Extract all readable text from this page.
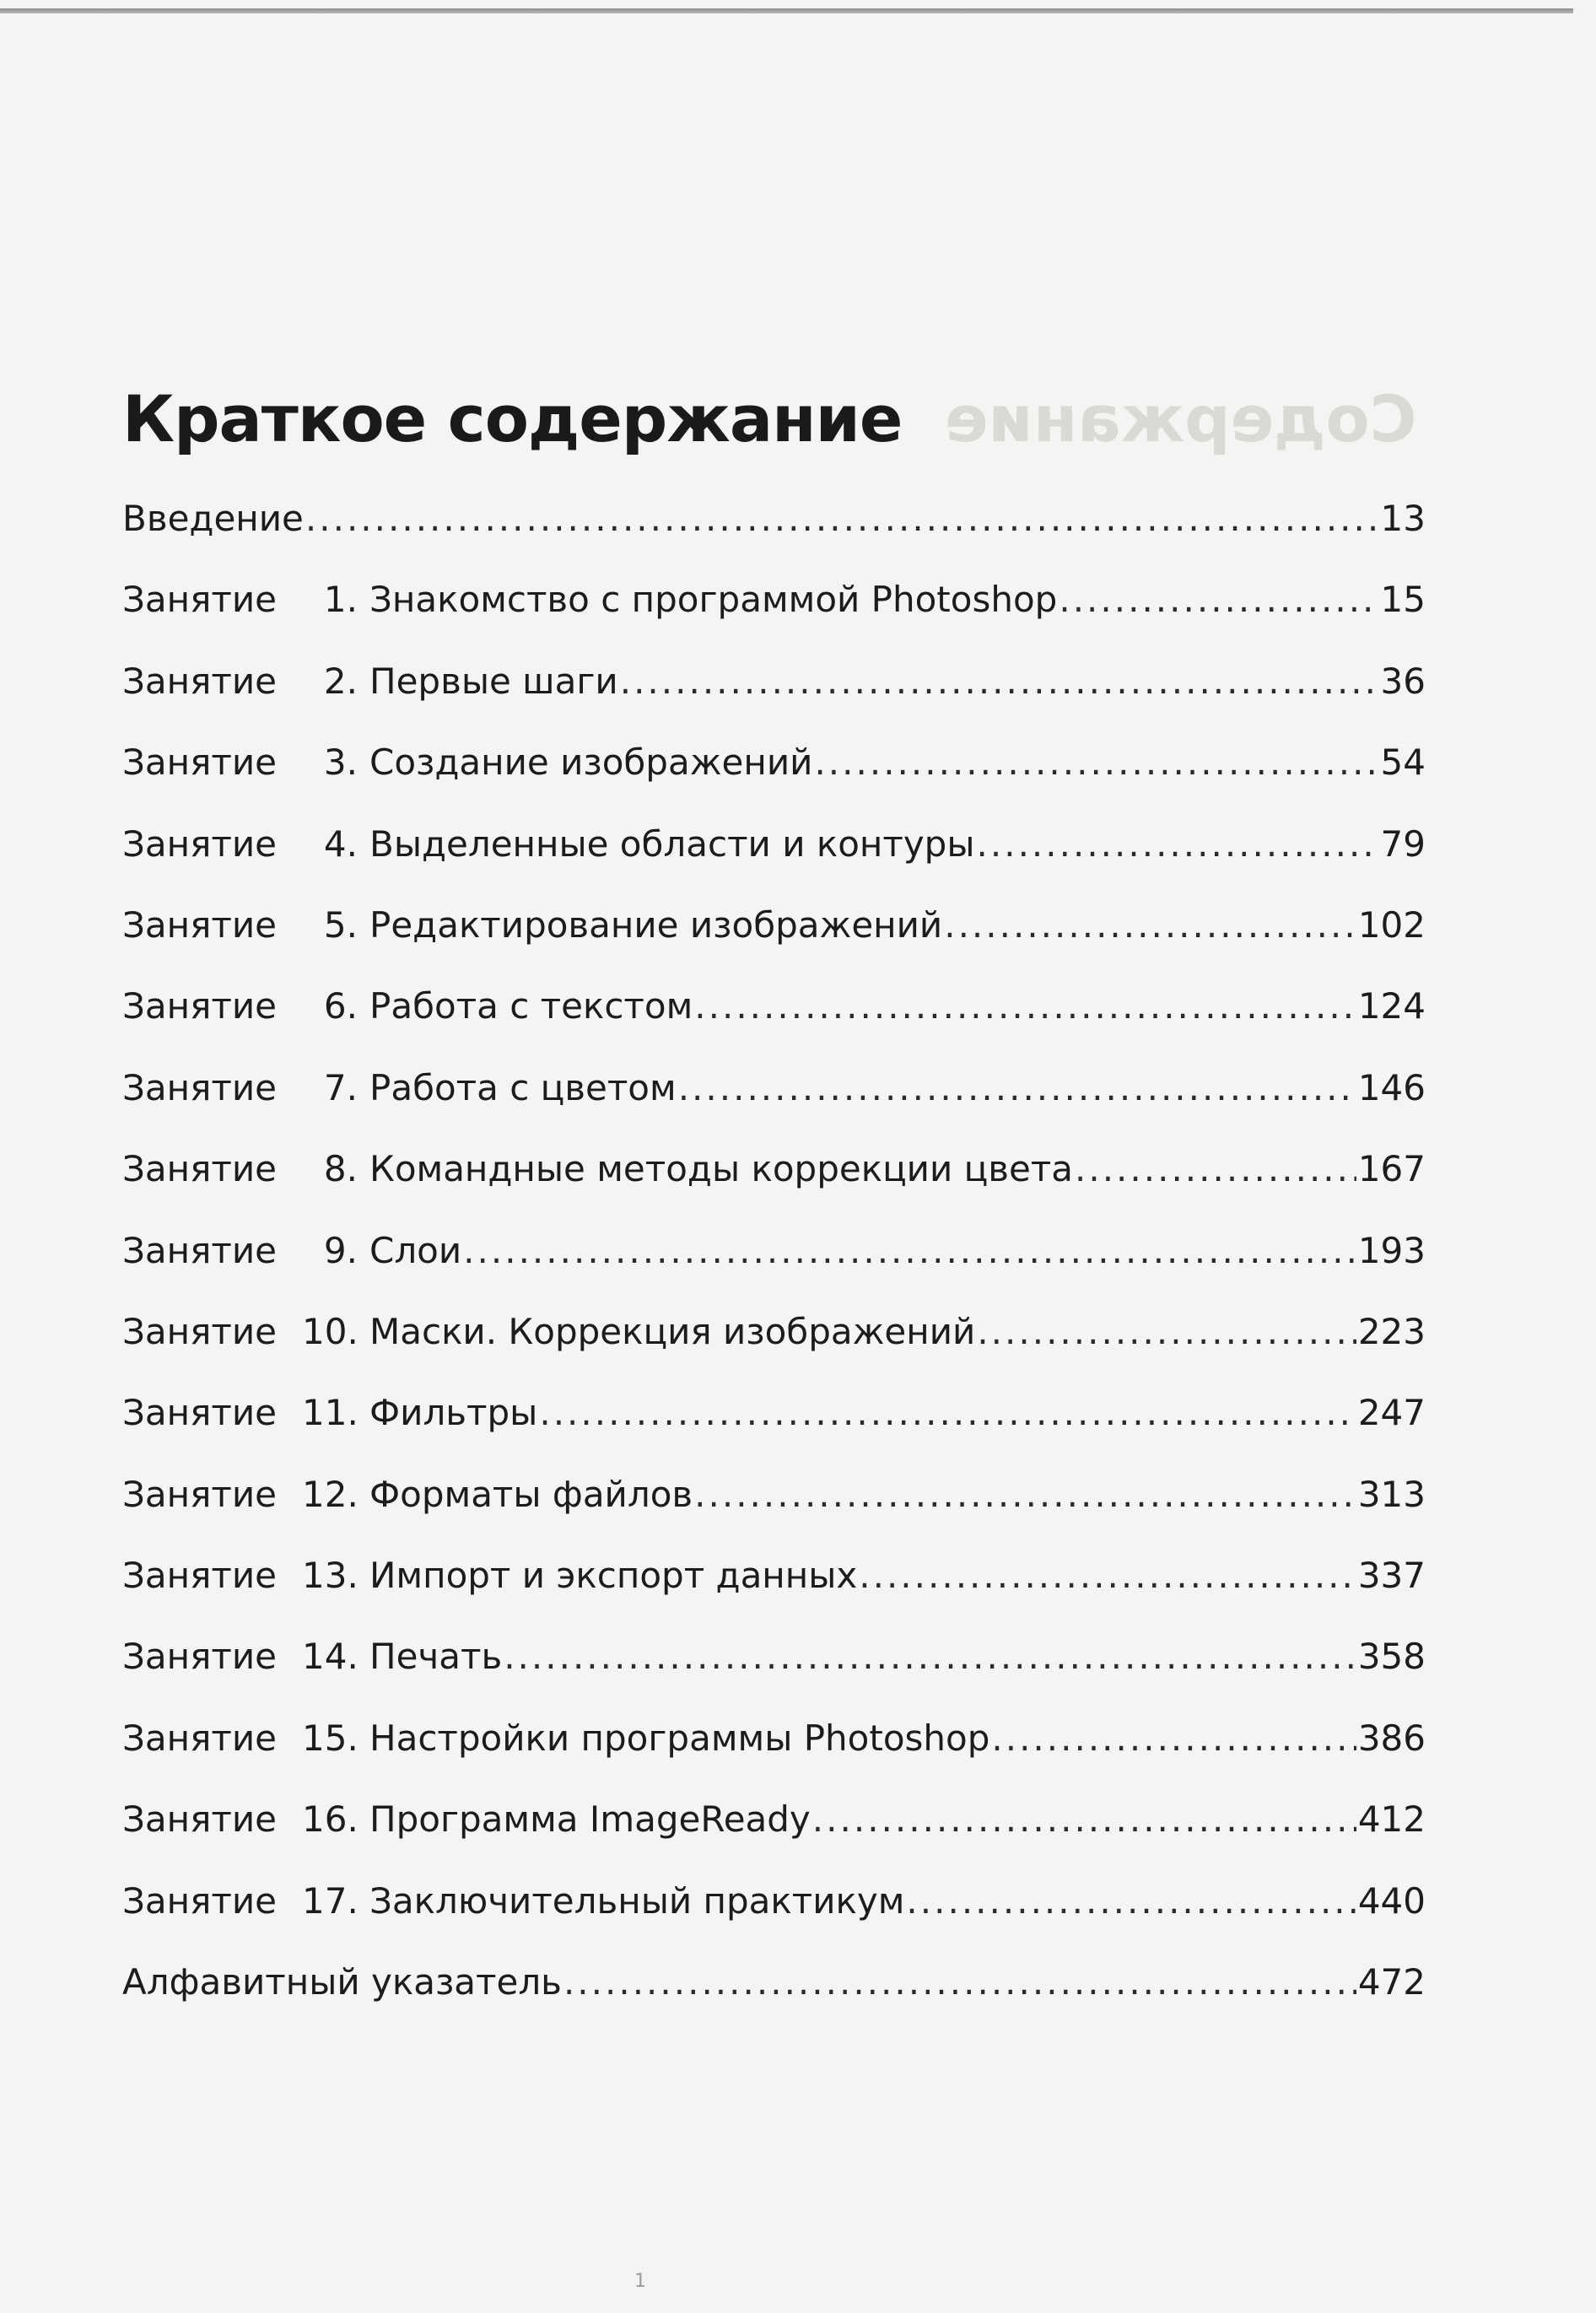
Краткое содержание Содержание
Введение .....	13
Занятие	1. Знакомство с программой Photoshop .....	15
Занятие	2. Первые шаги .....	36
Занятие	3. Создание изображений .....	54
Занятие	4. Выделенные области и контуры .....	79
Занятие	5. Редактирование изображений .....	102
Занятие	6. Работа с текстом .....	124
Занятие	7. Работа с цветом .....	146
Занятие	8. Командные методы коррекции цвета .....	167
Занятие	9. Слои .....	193
Занятие 10. Маски. Коррекция изображений .....	223
Занятие 11. Фильтры .....	247
Занятие 12. Форматы файлов .....	313
Занятие 13. Импорт и экспорт данных .....	337
Занятие 14. Печать .....	358
Занятие 15. Настройки программы Photoshop .....	386
Занятие 16. Программа ImageReady .....	412
Занятие 17. Заключительный практикум .....	440
Алфавитный указатель .....	472
1
